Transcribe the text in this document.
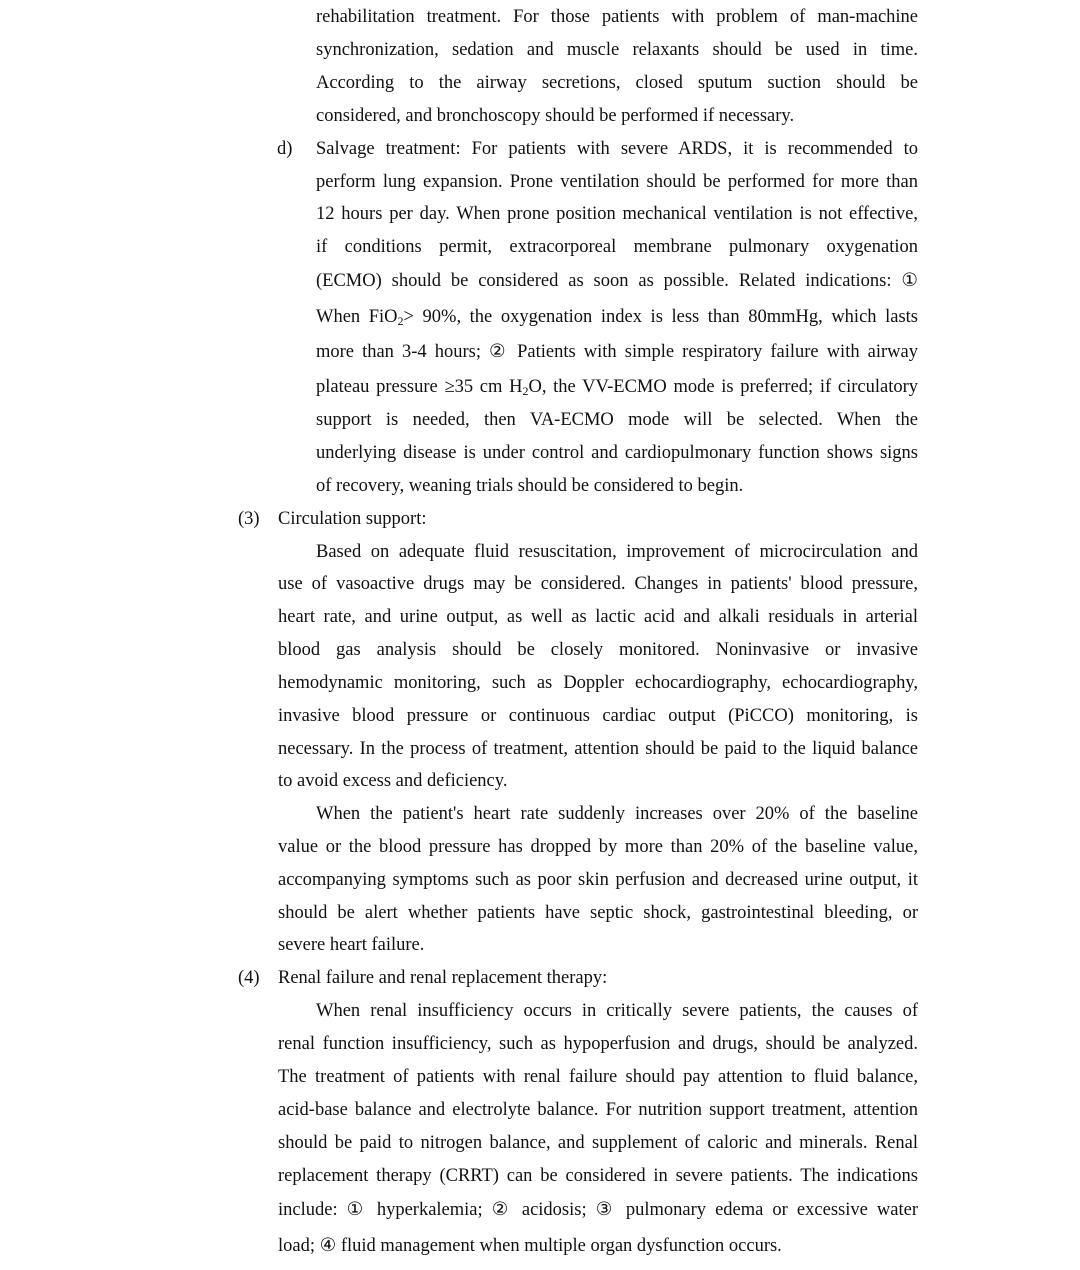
rehabilitation treatment. For those patients with problem of man-machine
synchronization, sedation and muscle relaxants should be used in time.
According to the airway secretions, closed sputum suction should be
considered, and bronchoscopy should be performed if necessary.
d) Salvage treatment: For patients with severe ARDS, it is recommended to
perform lung expansion. Prone ventilation should be performed for more than
12 hours per day. When prone position mechanical ventilation is not effective,
if conditions permit, extracorporeal membrane pulmonary oxygenation
(ECMO) should be considered as soon as possible. Related indications: ①
When FiO$_2$> 90%, the oxygenation index is less than 80mmHg, which lasts
more than 3-4 hours; ② Patients with simple respiratory failure with airway
plateau pressure ≥35 cm $H_2O$, the VV-ECMO mode is preferred; if circulatory
support is needed, then VA-ECMO mode will be selected. When the
underlying disease is under control and cardiopulmonary function shows signs
of recovery, weaning trials should be considered to begin.
(3) Circulation support:
Based on adequate fluid resuscitation, improvement of microcirculation and
use of vasoactive drugs may be considered. Changes in patients' blood pressure,
heart rate, and urine output, as well as lactic acid and alkali residuals in arterial
blood gas analysis should be closely monitored. Noninvasive or invasive
hemodynamic monitoring, such as Doppler echocardiography, echocardiography,
invasive blood pressure or continuous cardiac output (PiCCO) monitoring, is
necessary. In the process of treatment, attention should be paid to the liquid balance
to avoid excess and deficiency.
When the patient's heart rate suddenly increases over 20% of the baseline
value or the blood pressure has dropped by more than 20% of the baseline value,
accompanying symptoms such as poor skin perfusion and decreased urine output, it
should be alert whether patients have septic shock, gastrointestinal bleeding, or
severe heart failure.
(4) Renal failure and renal replacement therapy:
When renal insufficiency occurs in critically severe patients, the causes of
renal function insufficiency, such as hypoperfusion and drugs, should be analyzed.
The treatment of patients with renal failure should pay attention to fluid balance,
acid-base balance and electrolyte balance. For nutrition support treatment, attention
should be paid to nitrogen balance, and supplement of caloric and minerals. Renal
replacement therapy (CRRT) can be considered in severe patients. The indications
include: ① hyperkalemia; ② acidosis; ③ pulmonary edema or excessive water
load; ④ fluid management when multiple organ dysfunction occurs.
